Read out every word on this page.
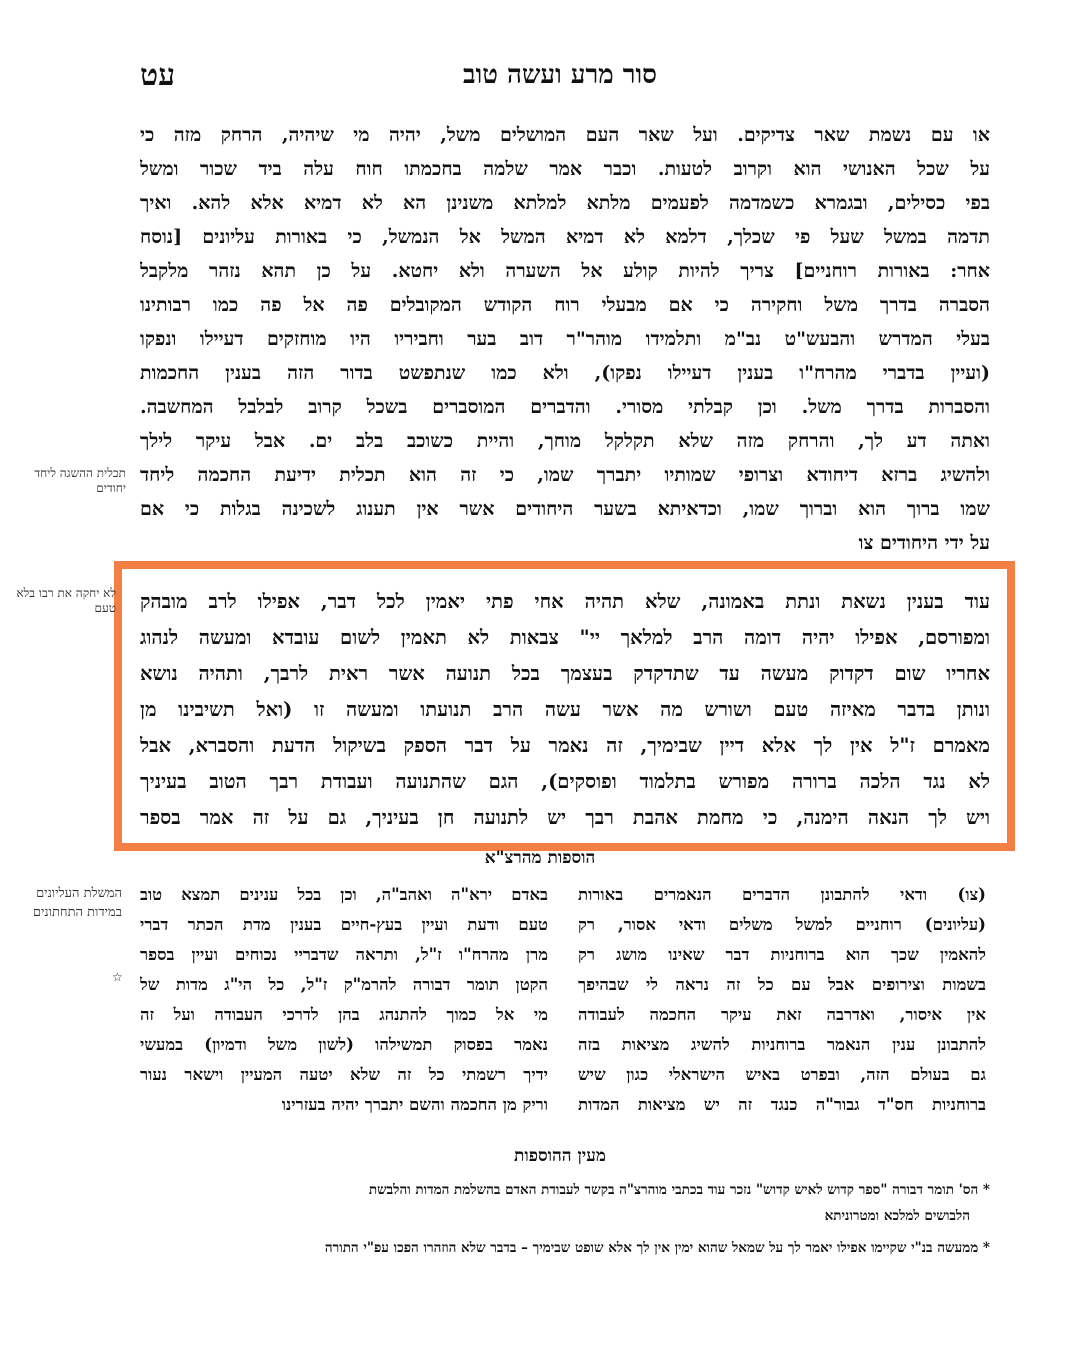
עט	סור מרע ועשה טוב
או עם נשמת שאר צדיקים. ועל שאר העם המושלים משל, יהיה מי שיהיה, הרחק מזה כי
על שכל האנושי הוא וקרוב לטעות. וכבר אמר שלמה בחכמתו חוח עלה ביד שכור ומשל
בפי כסילים, ובגמרא כשמדמה לפעמים מלתא למלתא משנינן הא לא דמיא אלא להא. ואיך
תדמה במשל שעל פי שכלך, דלמא לא דמיא המשל אל הנמשל, כי באורות עליונים [נוסח
אחר: באורות רוחניים] צריך להיות קולע אל השערה ולא יחטא. על כן תהא נזהר מלקבל
הסברה בדרך משל וחקירה כי אם מבעלי רוח הקודש המקובלים פה אל פה כמו רבותינו
בעלי המדרש והבעש"ט נב"מ ותלמידו מוהר"ר דוב בער וחביריו היו מוחזקים דעיילו ונפקו
(ועיין בדברי מהרח"ו בענין דעיילו נפקו), ולא כמו שנתפשט בדור הזה בענין החכמות
והסברות בדרך משל. וכן קבלתי מסורי. והדברים המוסברים בשכל קרוב לבלבל המחשבה.
ואתה דע לך, והרחק מזה שלא תקלקל מוחך, והיית כשוכב בלב ים. אבל עיקר לילך
ולהשיג ברזא דיחודא וצרופי שמותיו יתברך שמו, כי זה הוא תכלית ידיעת החכמה ליחד
שמו ברוך הוא וברוך שמו, וכדאיתא בשער היחודים אשר אין תענוג לשכינה בגלות כי אם
על ידי היחודים צו
עוד בענין נשאת ונתת באמונה, שלא תהיה אחי פתי יאמין לכל דבר, אפילו לרב מובהק
ומפורסם, אפילו יהיה דומה הרב למלאך יי" צבאות לא תאמין לשום עובדא ומעשה לנהוג
אחריו שום דקדוק מעשה עד שתדקדק בעצמך בכל תנועה אשר ראית לרבך, ותהיה נושא
ונותן בדבר מאיזה טעם ושורש מה אשר עשה הרב תנועתו ומעשה זו (ואל תשיבינו מן
מאמרם ז"ל אין לך אלא דיין שבימיך, זה נאמר על דבר הספק בשיקול הדעת והסברא, אבל
לא נגד הלכה ברורה מפורש בתלמוד ופוסקים), הגם שהתנועה ועבודת רבך הטוב בעיניך
ויש לך הנאה הימנה, כי מחמת אהבת רבך יש לתנועה חן בעיניך, גם על זה אמר בספר
תכלית ההשגה ליחד יחודים
לא יחקה את רבו בלא טעם
המשלת העליונים במידות התחתונים
☆
הוספות מהרצ"א
(צו) ודאי להתבונן הדברים הנאמרים באורות
(עליונים) רוחניים למשל משלים ודאי אסור, רק
להאמין שכך הוא ברוחניות דבר שאינו מושג רק
בשמות וצירופים אבל עם כל זה נראה לי שבהיפך
אין איסור, ואדרבה זאת עיקר החכמה לעבודה
להתבונן ענין הנאמר ברוחניות להשיג מציאות בזה
גם בעולם הזה, ובפרט באיש הישראלי כגון שיש
ברוחניות חס"ד גבור"ה כנגד זה יש מציאות המדות
באדם ירא"ה ואהב"ה, וכן בכל ענינים תמצא טוב
טעם ודעת ועיין בעץ-חיים בענין מדת הכתר דברי
מרן מהרח"ו ז"ל, ותראה שדבריי נכוחים ועיין בספר
הקטן תומר דבורה להרמ"ק ז"ל, כל הי"ג מדות של
מי אל כמוך להתנהג בהן לדרכי העבודה ועל זה
נאמר בפסוק תמשילהו (לשון משל ודמיון) במעשי
ידיך רשמתי כל זה שלא יטעה המעיין וישאר נעור
וריק מן החכמה והשם יתברך יהיה בעזרינו
מעין ההוספות
* הס' תומר דבורה "ספר קדוש לאיש קדוש" נזכר עוד בכתבי מוהרצ"ה בקשר לעבודת האדם בהשלמת המדות והלבשת
הלבושים למלכא ומטרוניתא
* ממעשה בנ"י שקיימו אפילו יאמר לך על שמאל שהוא ימין אין לך אלא שופט שבימיך – בדבר שלא הוזהרו הפכו עפ"י התורה
